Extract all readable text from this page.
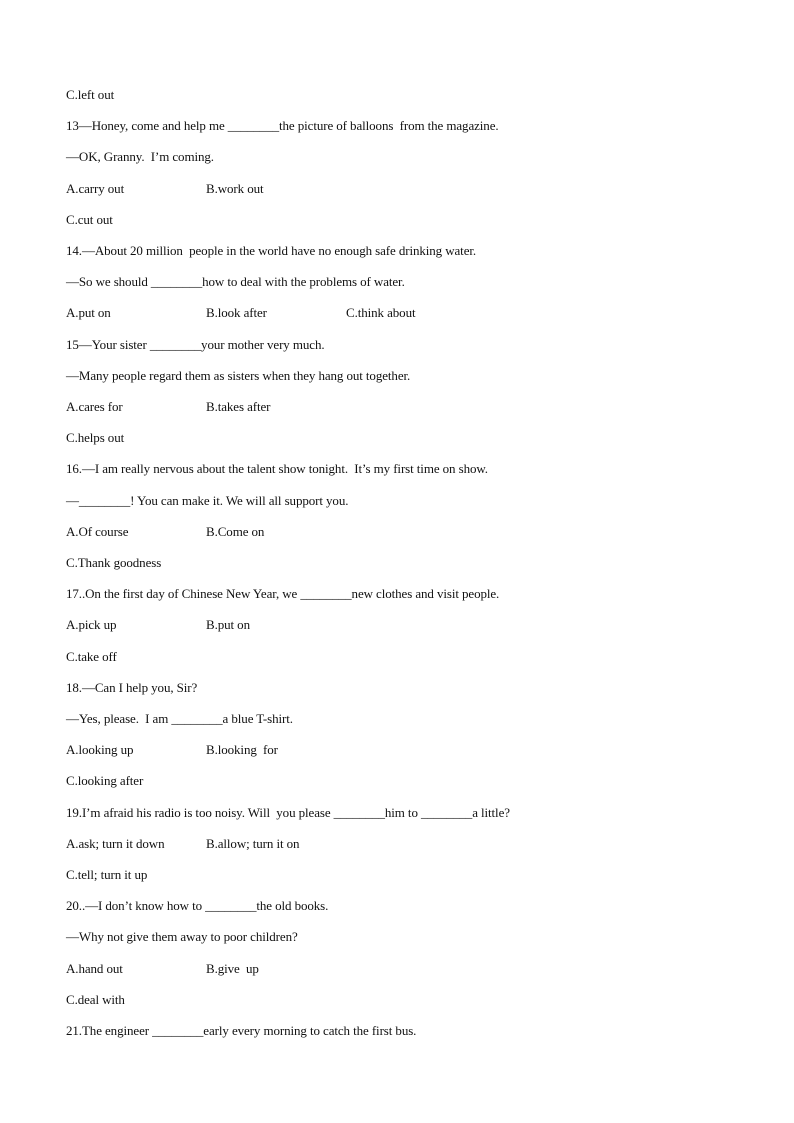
C.left out
13—Honey, come and help me ________the picture of balloons  from the magazine.
—OK, Granny.  I’m coming.

A.carry out

	B.work out

C.cut out
14.—About 20 million  people in the world have no enough safe drinking water.
—So we should ________how to deal with the problems of water.

A.put on

	B.look after

	C.think about

15—Your sister ________your mother very much.
—Many people regard them as sisters when they hang out together.

A.cares for

	B.takes after

C.helps out
16.—I am really nervous about the talent show tonight.  It’s my first time on show.
—________! You can make it. We will all support you.

A.Of course

	B.Come on

C.Thank goodness
17..On the first day of Chinese New Year, we ________new clothes and visit people.

A.pick up

	B.put on

C.take off
18.—Can I help you, Sir?
—Yes, please.  I am ________a blue T-shirt.

A.looking up

	B.looking  for

C.looking after
19.I’m afraid his radio is too noisy. Will  you please ________him to ________a little?

A.ask; turn it down

	B.allow; turn it on

C.tell; turn it up
20..—I don’t know how to ________the old books.
—Why not give them away to poor children?

A.hand out

	B.give  up

C.deal with
21.The engineer ________early every morning to catch the first bus.
